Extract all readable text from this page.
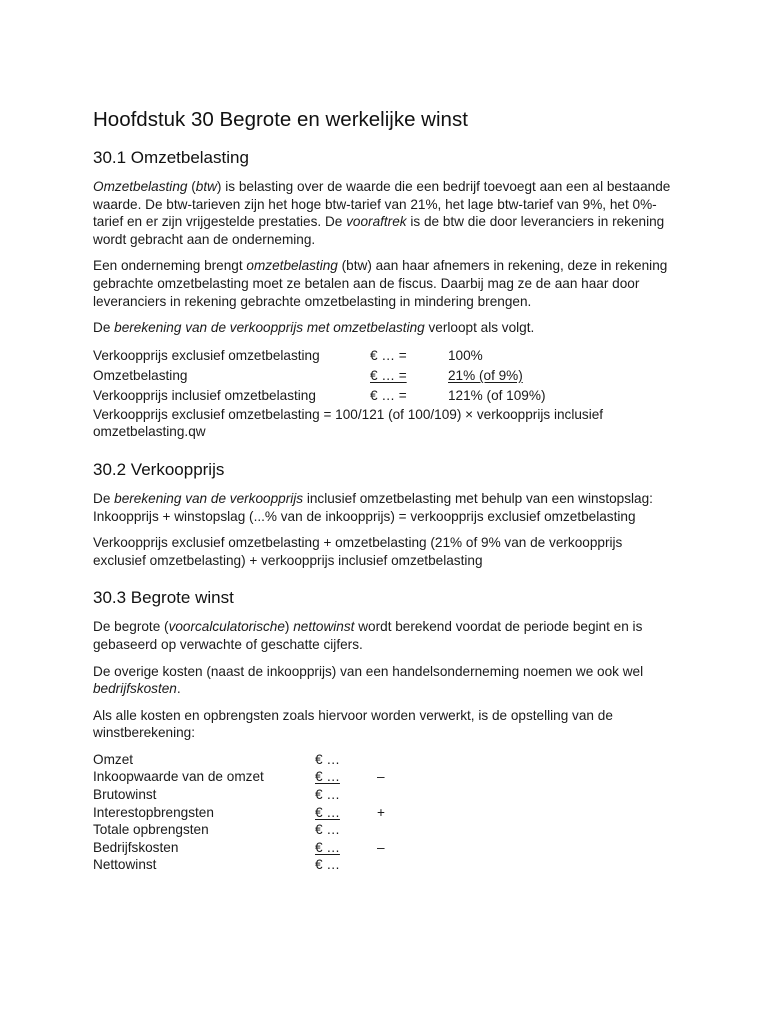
Hoofdstuk 30 Begrote en werkelijke winst
30.1 Omzetbelasting

Omzetbelasting (btw) is belasting over de waarde die een bedrijf toevoegt aan een al bestaande waarde. De btw-tarieven zijn het hoge btw-tarief van 21%, het lage btw-tarief van 9%, het 0%-tarief en er zijn vrijgestelde prestaties. De vooraftrek is de btw die door leveranciers in rekening wordt gebracht aan de onderneming.

Een onderneming brengt omzetbelasting (btw) aan haar afnemers in rekening, deze in rekening gebrachte omzetbelasting moet ze betalen aan de fiscus. Daarbij mag ze de aan haar door leveranciers in rekening gebrachte omzetbelasting in mindering brengen.

De berekening van de verkoopprijs met omzetbelasting verloopt als volgt.

Verkoopprijs exclusief omzetbelasting	€ … =	100%
Omzetbelasting	€ … =	21% (of 9%)
Verkoopprijs inclusief omzetbelasting	€ … =	121% (of 109%)

Verkoopprijs exclusief omzetbelasting = 100/121 (of 100/109) × verkoopprijs inclusief omzetbelasting.qw

30.2 Verkoopprijs

De berekening van de verkoopprijs inclusief omzetbelasting met behulp van een winstopslag: Inkoopprijs + winstopslag (...% van de inkoopprijs) = verkoopprijs exclusief omzetbelasting

Verkoopprijs exclusief omzetbelasting + omzetbelasting (21% of 9% van de verkoopprijs exclusief omzetbelasting) + verkoopprijs inclusief omzetbelasting

30.3 Begrote winst

De begrote (voorcalculatorische) nettowinst wordt berekend voordat de periode begint en is gebaseerd op verwachte of geschatte cijfers.

De overige kosten (naast de inkoopprijs) van een handelsonderneming noemen we ook wel bedrijfskosten.

Als alle kosten en opbrengsten zoals hiervoor worden verwerkt, is de opstelling van de winstberekening:

Omzet	€ …
Inkoopwaarde van de omzet	€ …	–
Brutowinst	€ …
Interestopbrengsten	€ …	+
Totale opbrengsten	€ …
Bedrijfskosten	€ …	–
Nettowinst	€ …
